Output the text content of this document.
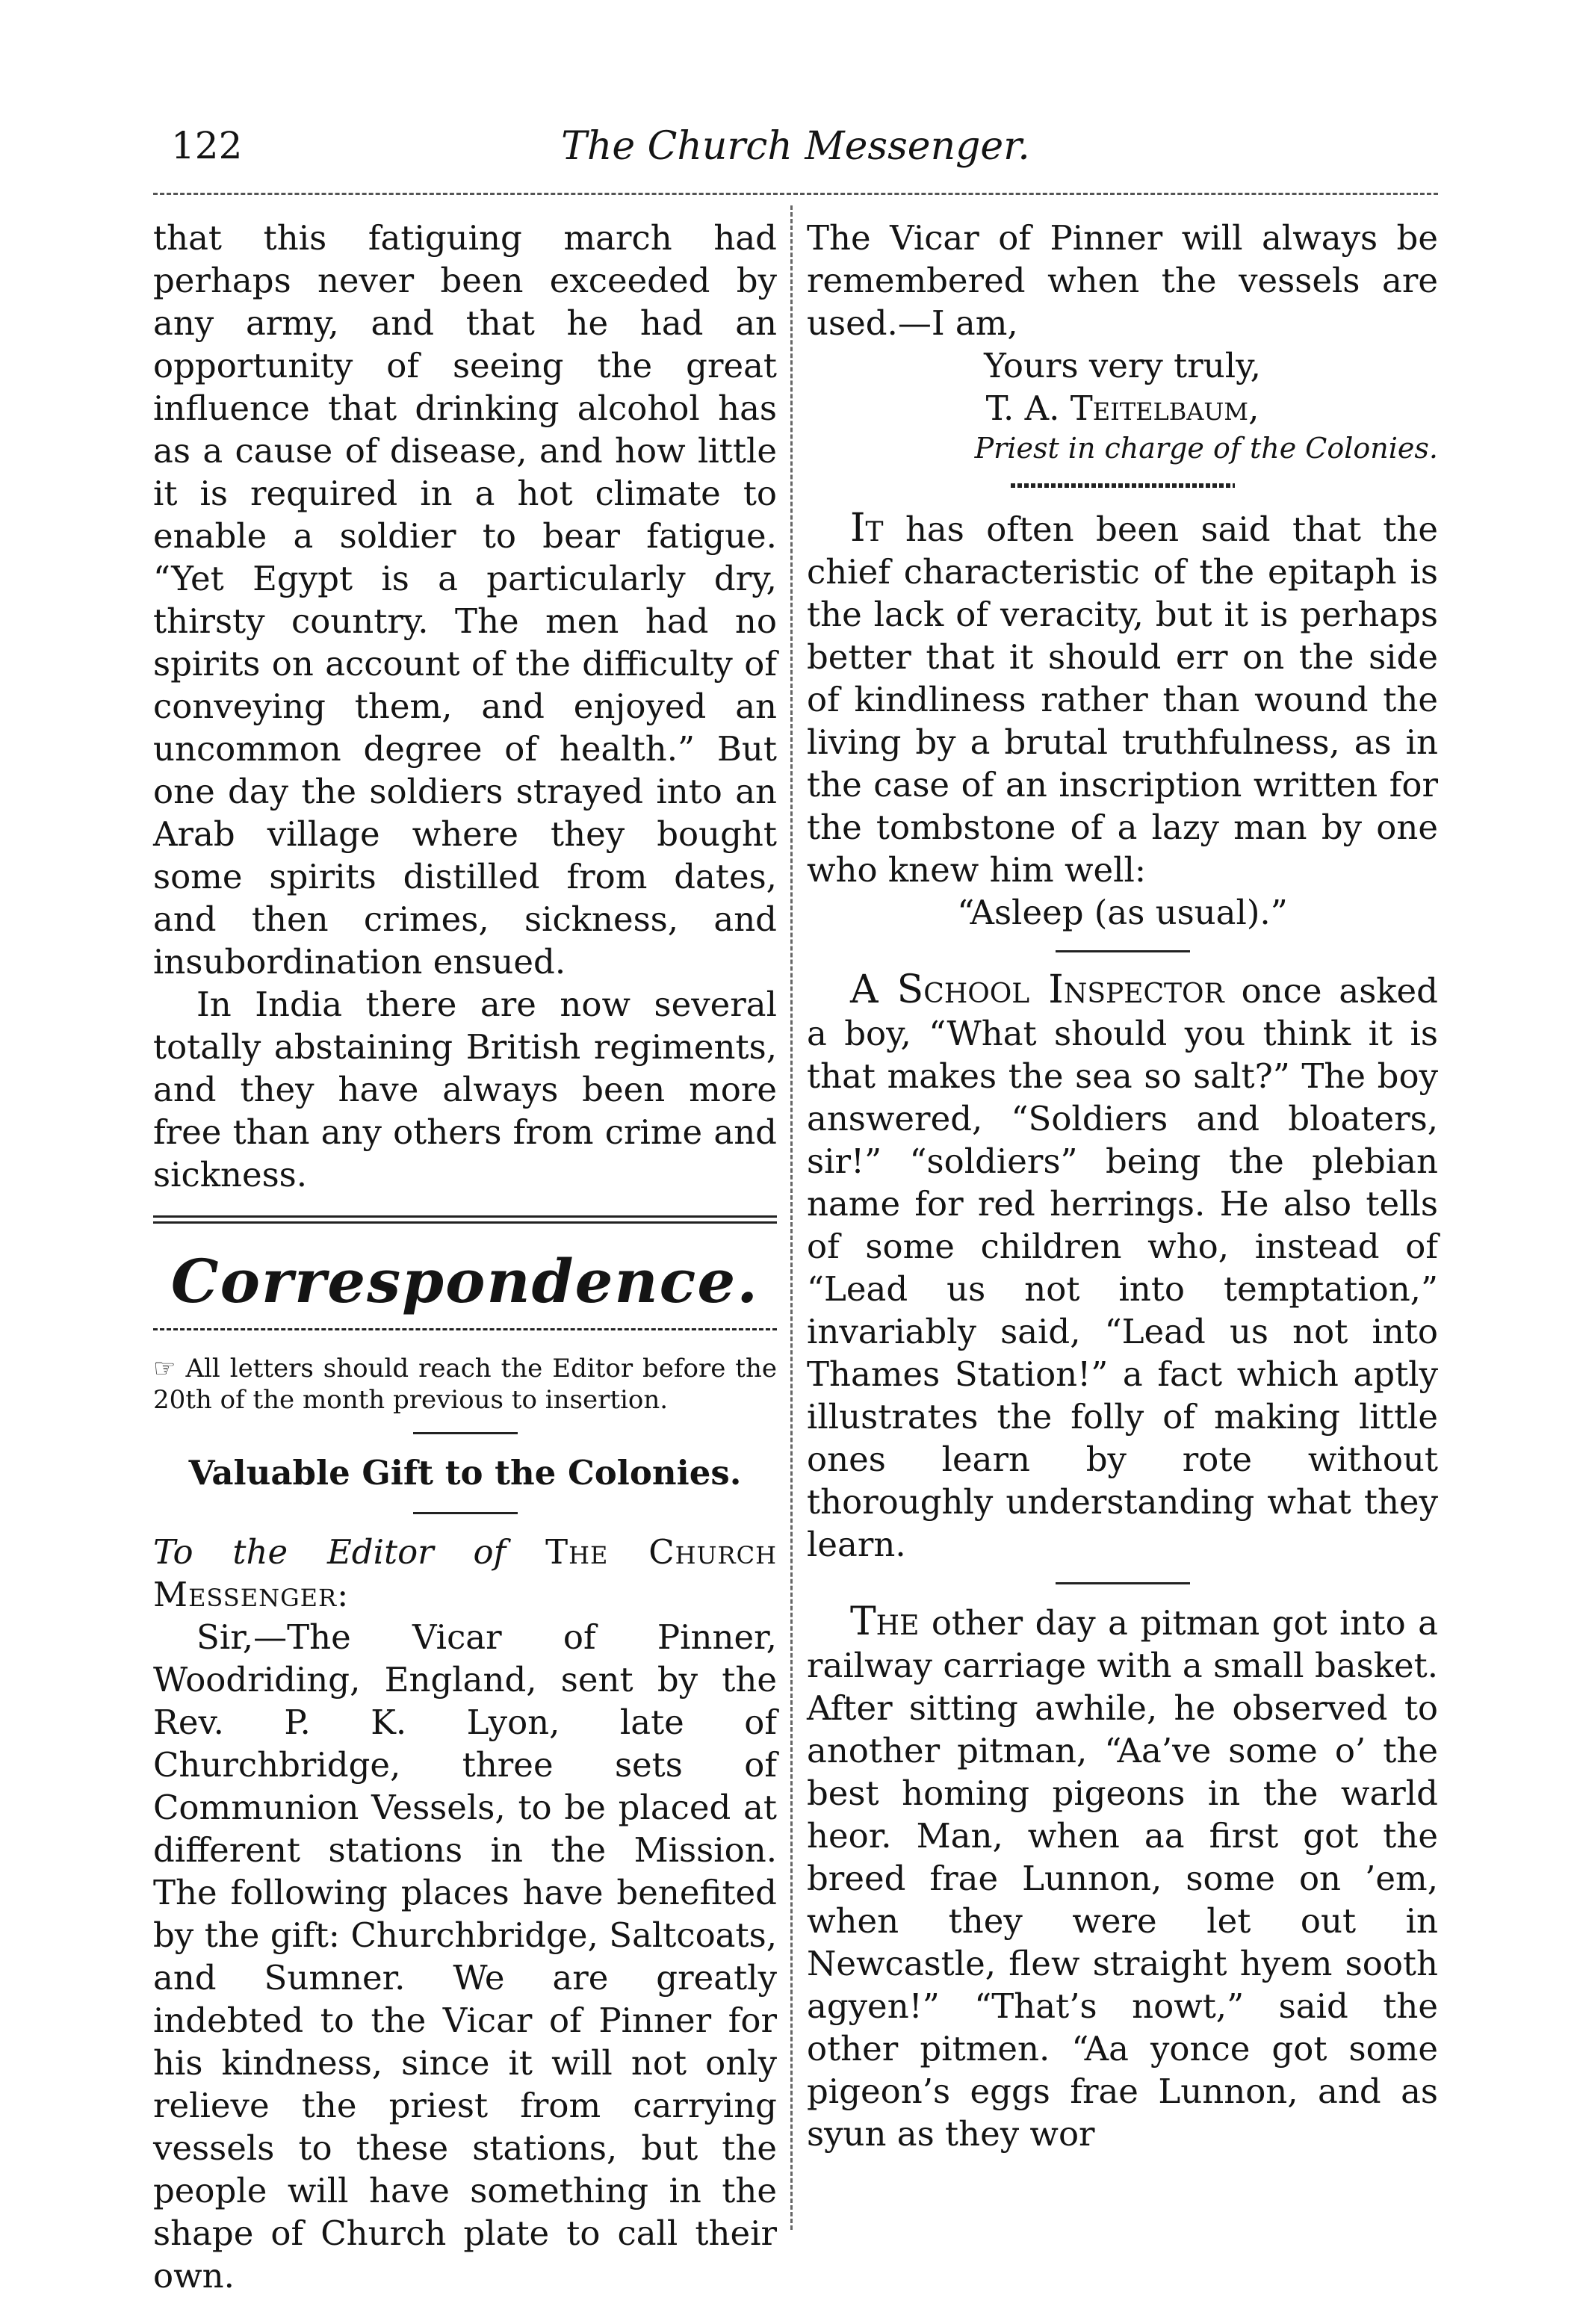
122	The Church Messenger.

that this fatiguing march had perhaps never been exceeded by any army, and that he had an opportunity of seeing the great influence that drinking alcohol has as a cause of disease, and how little it is required in a hot climate to enable a soldier to bear fatigue. “Yet Egypt is a particularly dry, thirsty country. The men had no spirits on account of the difficulty of conveying them, and enjoyed an uncommon degree of health.” But one day the soldiers strayed into an Arab village where they bought some spirits distilled from dates, and then crimes, sickness, and insubordination ensued.

In India there are now several totally abstaining British regiments, and they have always been more free than any others from crime and sickness.

Correspondence.

☞ All letters should reach the Editor before the 20th of the month previous to insertion.

Valuable Gift to the Colonies.

To the Editor of The Church Messenger:

Sir,—The Vicar of Pinner, Woodriding, England, sent by the Rev. P. K. Lyon, late of Churchbridge, three sets of Communion Vessels, to be placed at different stations in the Mission. The following places have benefited by the gift: Churchbridge, Saltcoats, and Sumner. We are greatly indebted to the Vicar of Pinner for his kindness, since it will not only relieve the priest from carrying vessels to these stations, but the people will have something in the shape of Church plate to call their own.

The Vicar of Pinner will always be remembered when the vessels are used.—I am,

Yours very truly,

T. A. Teitelbaum,

Priest in charge of the Colonies.

It has often been said that the chief characteristic of the epitaph is the lack of veracity, but it is perhaps better that it should err on the side of kindliness rather than wound the living by a brutal truthfulness, as in the case of an inscription written for the tombstone of a lazy man by one who knew him well:

“Asleep (as usual).”

A School Inspector once asked a boy, “What should you think it is that makes the sea so salt?” The boy answered, “Soldiers and bloaters, sir!” “soldiers” being the plebian name for red herrings. He also tells of some children who, instead of “Lead us not into temptation,” invariably said, “Lead us not into Thames Station!” a fact which aptly illustrates the folly of making little ones learn by rote without thoroughly understanding what they learn.

The other day a pitman got into a railway carriage with a small basket. After sitting awhile, he observed to another pitman, “Aa’ve some o’ the best homing pigeons in the warld heor. Man, when aa first got the breed frae Lunnon, some on ’em, when they were let out in Newcastle, flew straight hyem sooth agyen!” “That’s nowt,” said the other pitmen. “Aa yonce got some pigeon’s eggs frae Lunnon, and as syun as they wor
